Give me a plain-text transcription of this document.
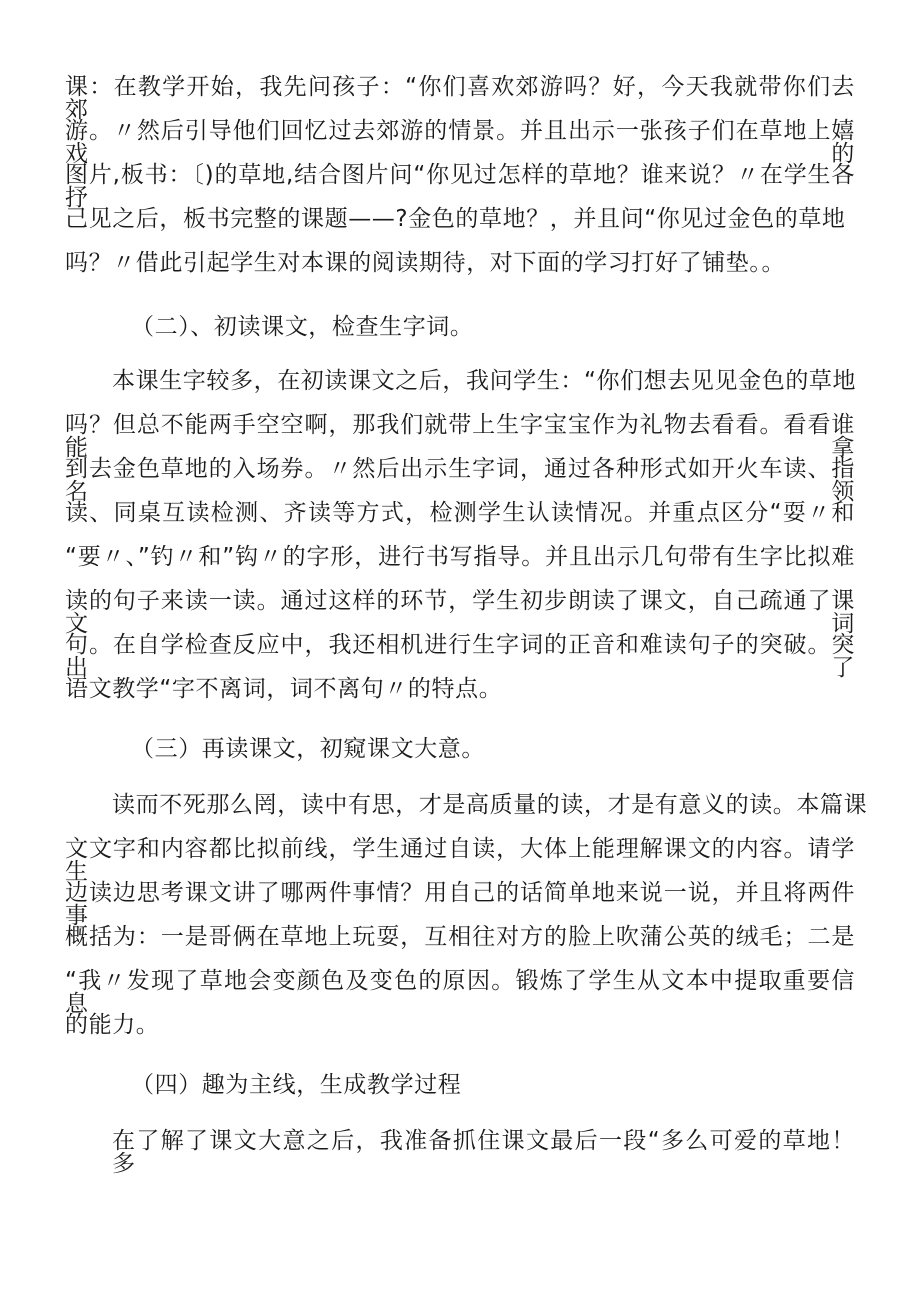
课：在教学开始，我先问孩子：“你们喜欢郊游吗？好，今天我就带你们去郊
游。〃然后引导他们回忆过去郊游的情景。并且出示一张孩子们在草地上嬉戏的
图片,板书：〔)的草地,结合图片问“你见过怎样的草地？谁来说？〃在学生各抒
己见之后，板书完整的课题——?金色的草地？，并且问“你见过金色的草地
吗？〃借此引起学生对本课的阅读期待，对下面的学习打好了铺垫。。
（二）、初读课文，检查生字词。
本课生字较多，在初读课文之后，我问学生：“你们想去见见金色的草地
吗？但总不能两手空空啊，那我们就带上生字宝宝作为礼物去看看。看看谁能拿
到去金色草地的入场券。〃然后出示生字词，通过各种形式如开火车读、指名领
读、同桌互读检测、齐读等方式，检测学生认读情况。并重点区分“耍〃和
“要〃、”钓〃和”钩〃的字形，进行书写指导。并且出示几句带有生字比拟难
读的句子来读一读。通过这样的环节，学生初步朗读了课文，自己疏通了课文词
句。在自学检查反应中，我还相机进行生字词的正音和难读句子的突破。突出了
语文教学“字不离词，词不离句〃的特点。
（三）再读课文，初窥课文大意。
读而不死那么罔，读中有思，才是高质量的读，才是有意义的读。本篇课
文文字和内容都比拟前线，学生通过自读，大体上能理解课文的内容。请学生
边读边思考课文讲了哪两件事情？用自己的话简单地来说一说，并且将两件事
概括为：一是哥俩在草地上玩耍，互相往对方的脸上吹蒲公英的绒毛；二是
“我〃发现了草地会变颜色及变色的原因。锻炼了学生从文本中提取重要信息
的能力。
（四）趣为主线，生成教学过程
在了解了课文大意之后，我准备抓住课文最后一段“多么可爱的草地！多
